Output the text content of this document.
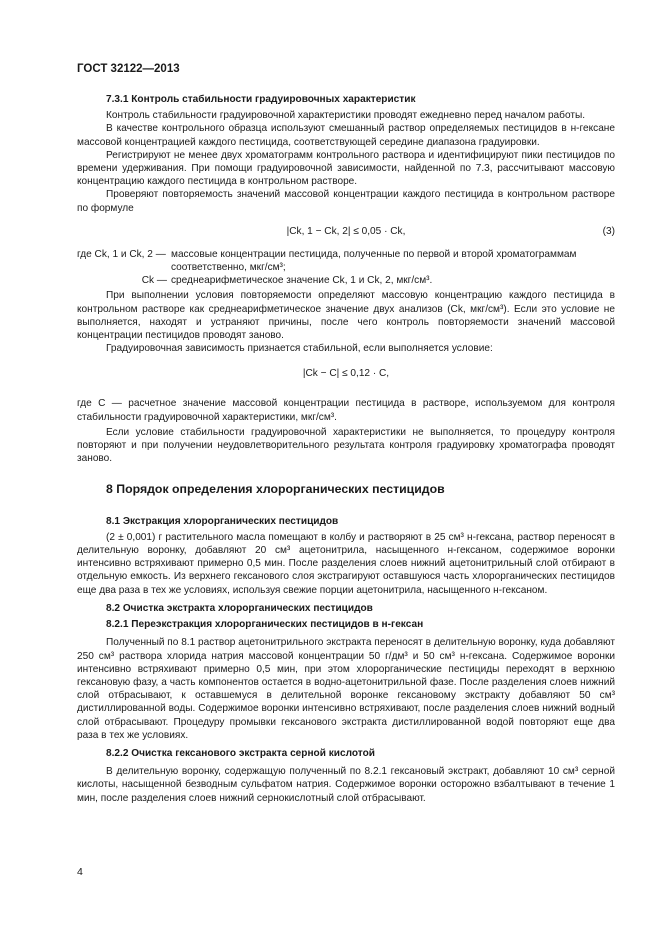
ГОСТ 32122—2013

7.3.1 Контроль стабильности градуировочных характеристик

Контроль стабильности градуировочной характеристики проводят ежедневно перед началом работы.

В качестве контрольного образца используют смешанный раствор определяемых пестицидов в н-гексане массовой концентрацией каждого пестицида, соответствующей середине диапазона градуировки.

Регистрируют не менее двух хроматограмм контрольного раствора и идентифицируют пики пестицидов по времени удерживания. При помощи градуировочной зависимости, найденной по 7.3, рассчитывают массовую концентрацию каждого пестицида в контрольном растворе.

Проверяют повторяемость значений массовой концентрации каждого пестицида в контрольном растворе по формуле

|Ck, 1 − Ck, 2| ≤ 0,05 · Ck,	(3)
где Ck, 1 и Ck, 2 — массовые концентрации пестицида, полученные по первой и второй хроматограммам соответственно, мкг/см³;
Ck — среднеарифметическое значение Ck, 1 и Ck, 2, мкг/см³.

При выполнении условия повторяемости определяют массовую концентрацию каждого пестицида в контрольном растворе как среднеарифметическое значение двух анализов (Ck, мкг/см³). Если это условие не выполняется, находят и устраняют причины, после чего контроль повторяемости значений массовой концентрации пестицидов проводят заново.

Градуировочная зависимость признается стабильной, если выполняется условие:

|Ck − C| ≤ 0,12 · C,

где C — расчетное значение массовой концентрации пестицида в растворе, используемом для контроля стабильности градуировочной характеристики, мкг/см³.

Если условие стабильности градуировочной характеристики не выполняется, то процедуру контроля повторяют и при получении неудовлетворительного результата контроля градуировку хроматографа проводят заново.

8 Порядок определения хлорорганических пестицидов

8.1 Экстракция хлорорганических пестицидов

(2 ± 0,001) г растительного масла помещают в колбу и растворяют в 25 см³ н-гексана, раствор переносят в делительную воронку, добавляют 20 см³ ацетонитрила, насыщенного н-гексаном, содержимое воронки интенсивно встряхивают примерно 0,5 мин. После разделения слоев нижний ацетонитрильный слой отбирают в отдельную емкость. Из верхнего гексанового слоя экстрагируют оставшуюся часть хлорорганических пестицидов еще два раза в тех же условиях, используя свежие порции ацетонитрила, насыщенного н-гексаном.

8.2 Очистка экстракта хлорорганических пестицидов

8.2.1 Переэкстракция хлорорганических пестицидов в н-гексан

Полученный по 8.1 раствор ацетонитрильного экстракта переносят в делительную воронку, куда добавляют 250 см³ раствора хлорида натрия массовой концентрации 50 г/дм³ и 50 см³ н-гексана. Содержимое воронки интенсивно встряхивают примерно 0,5 мин, при этом хлорорганические пестициды переходят в верхнюю гексановую фазу, а часть компонентов остается в водно-ацетонитрильной фазе. После разделения слоев нижний слой отбрасывают, к оставшемуся в делительной воронке гексановому экстракту добавляют 50 см³ дистиллированной воды. Содержимое воронки интенсивно встряхивают, после разделения слоев нижний водный слой отбрасывают. Процедуру промывки гексанового экстракта дистиллированной водой повторяют еще два раза в тех же условиях.

8.2.2 Очистка гексанового экстракта серной кислотой

В делительную воронку, содержащую полученный по 8.2.1 гексановый экстракт, добавляют 10 см³ серной кислоты, насыщенной безводным сульфатом натрия. Содержимое воронки осторожно взбалтывают в течение 1 мин, после разделения слоев нижний сернокислотный слой отбрасывают.

4
